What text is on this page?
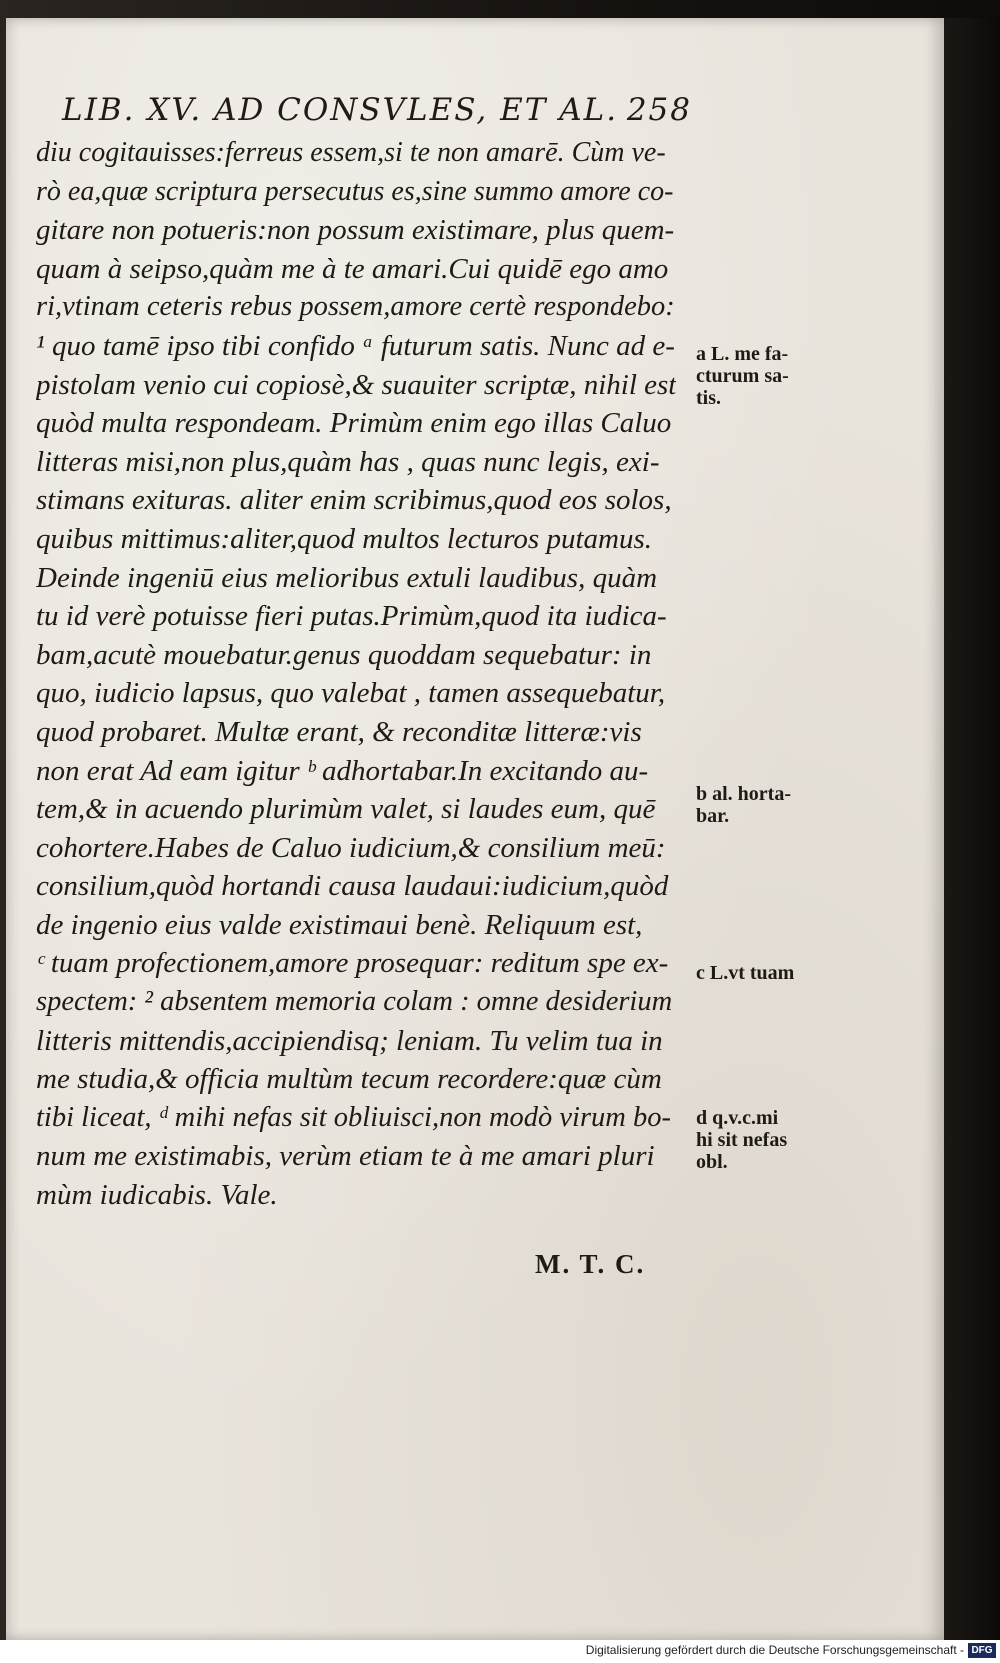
LIB. XV. AD CONSVLES, ET AL. 258
diu cogitauisses:ferreus essem,si te non amarē. Cùm ve-
rò ea,quæ scriptura persecutus es,sine summo amore co-
gitare non potueris:non possum existimare, plus quem-
quam à seipso,quàm me à te amari.Cui quidē ego amo
ri,vtinam ceteris rebus possem,amore certè respondebo:
¹ quo tamē ipso tibi confido ᵃ futurum satis. Nunc ad e-
pistolam venio cui copiosè,& suauiter scriptæ, nihil est
quòd multa respondeam. Primùm enim ego illas Caluo
litteras misi,non plus,quàm has , quas nunc legis, exi-
stimans exituras. aliter enim scribimus,quod eos solos,
quibus mittimus:aliter,quod multos lecturos putamus.
Deinde ingeniū eius melioribus extuli laudibus, quàm
tu id verè potuisse fieri putas.Primùm,quod ita iudica-
bam,acutè mouebatur.genus quoddam sequebatur: in
quo, iudicio lapsus, quo valebat , tamen assequebatur,
quod probaret. Multæ erant, & reconditæ litteræ:vis
non erat Ad eam igitur ᵇ adhortabar.In excitando au-
tem,& in acuendo plurimùm valet, si laudes eum, quē
cohortere.Habes de Caluo iudicium,& consilium meū:
consilium,quòd hortandi causa laudaui:iudicium,quòd
de ingenio eius valde existimaui benè. Reliquum est,
ᶜ tuam profectionem,amore prosequar: reditum spe ex-
spectem: ² absentem memoria colam : omne desiderium
litteris mittendis,accipiendisq; leniam. Tu velim tua in
me studia,& officia multùm tecum recordere:quæ cùm
tibi liceat, ᵈ mihi nefas sit obliuisci,non modò virum bo-
num me existimabis, verùm etiam te à me amari pluri
mùm iudicabis. Vale.
a L. me fa-
cturum sa-
tis.
b al. horta-
bar.
c L.vt tuam
d q.v.c.mi
hi sit nefas
obl.
M. T. C.
Digitalisierung gefördert durch die Deutsche Forschungsgemeinschaft - DFG
